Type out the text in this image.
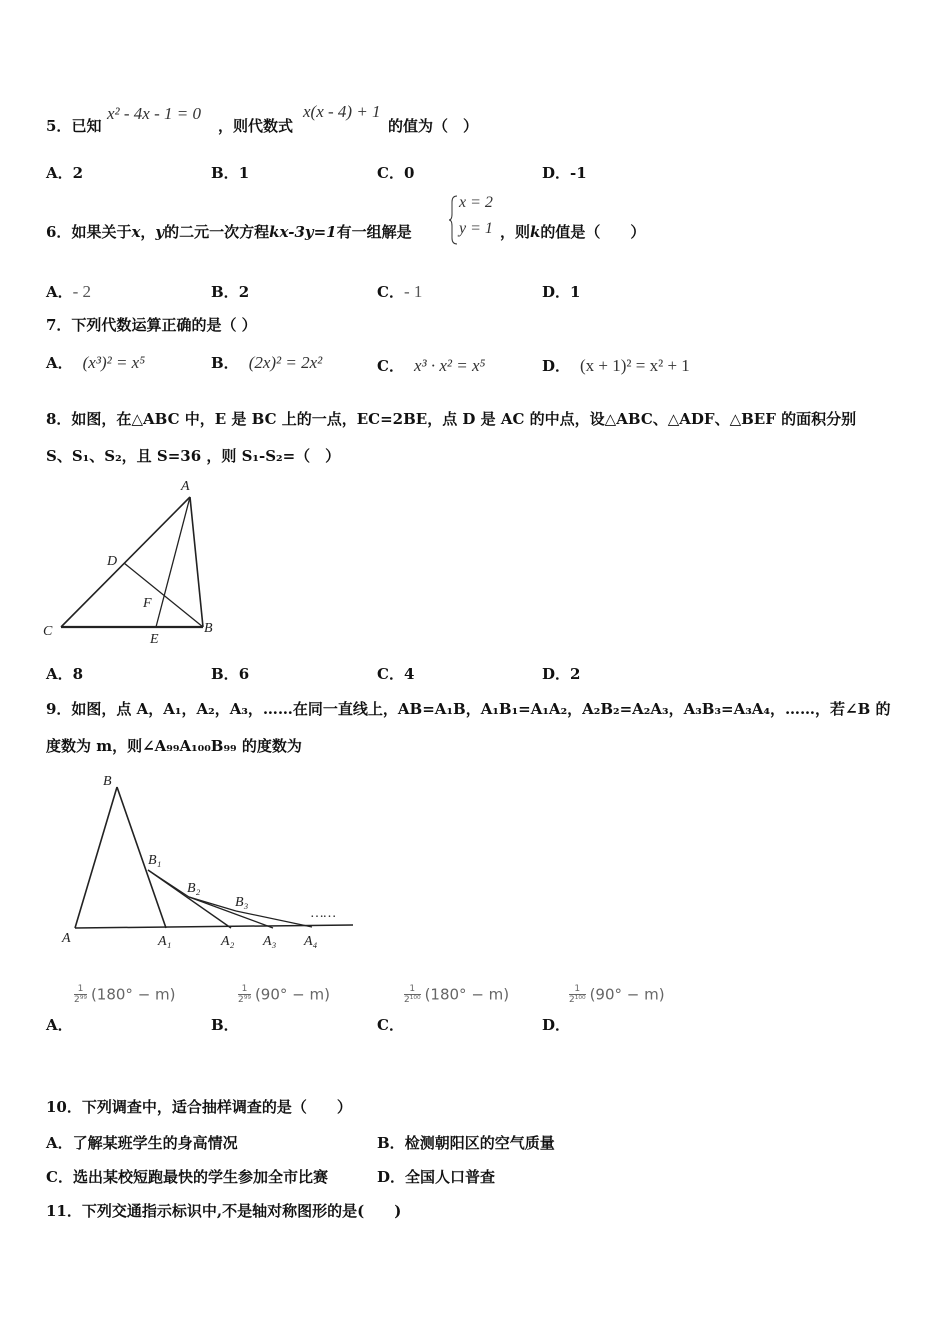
5．已知
x² - 4x - 1 = 0
，则代数式
x(x - 4) + 1
的值为（　）
A．2	B．1	C．0	D．-1
6．如果关于x，y的二元一次方程kx-3y=1有一组解是
x = 2
y = 1 ，则k的值是（　　）
A．- 2	B．2	C．- 1	D．1
7．下列代数运算正确的是（ ）
A． (x³)² = x⁵	B． (2x)² = 2x²	C． x³ · x² = x⁵	D． (x + 1)² = x² + 1
8．如图，在△ABC 中，E 是 BC 上的一点，EC=2BE，点 D 是 AC 的中点，设△ABC、△ADF、△BEF 的面积分别
S、S₁、S₂，且 S=36 ，则 S₁-S₂=（　）
A
B
C
D
E
F
A．8	B．6	C．4	D．2
9．如图，点 A，A₁，A₂，A₃，……在同一直线上，AB=A₁B，A₁B₁=A₁A₂，A₂B₂=A₂A₃，A₃B₃=A₃A₄，……，若∠B 的
度数为 m，则∠A₉₉A₁₀₀B₉₉ 的度数为
B
B₁
B₂
B₃
……
A	A₁	A₂ A₃ A₄
$\frac{1}{\text{2⁹⁹}} (180^\circ - m)$	$\frac{1}{\text{2⁹⁹}} (90^\circ - m)$	$\frac{1}{\text{2¹⁰⁰}} (180^\circ - m)$	$\frac{1}{\text{2¹⁰⁰}} (90^\circ - m)$
A．	B．	C．	D．
10．下列调查中，适合抽样调查的是（　　）
A．了解某班学生的身高情况	B．检测朝阳区的空气质量
C．选出某校短跑最快的学生参加全市比赛	D．全国人口普查
11．下列交通指示标识中,不是轴对称图形的是(　　)
